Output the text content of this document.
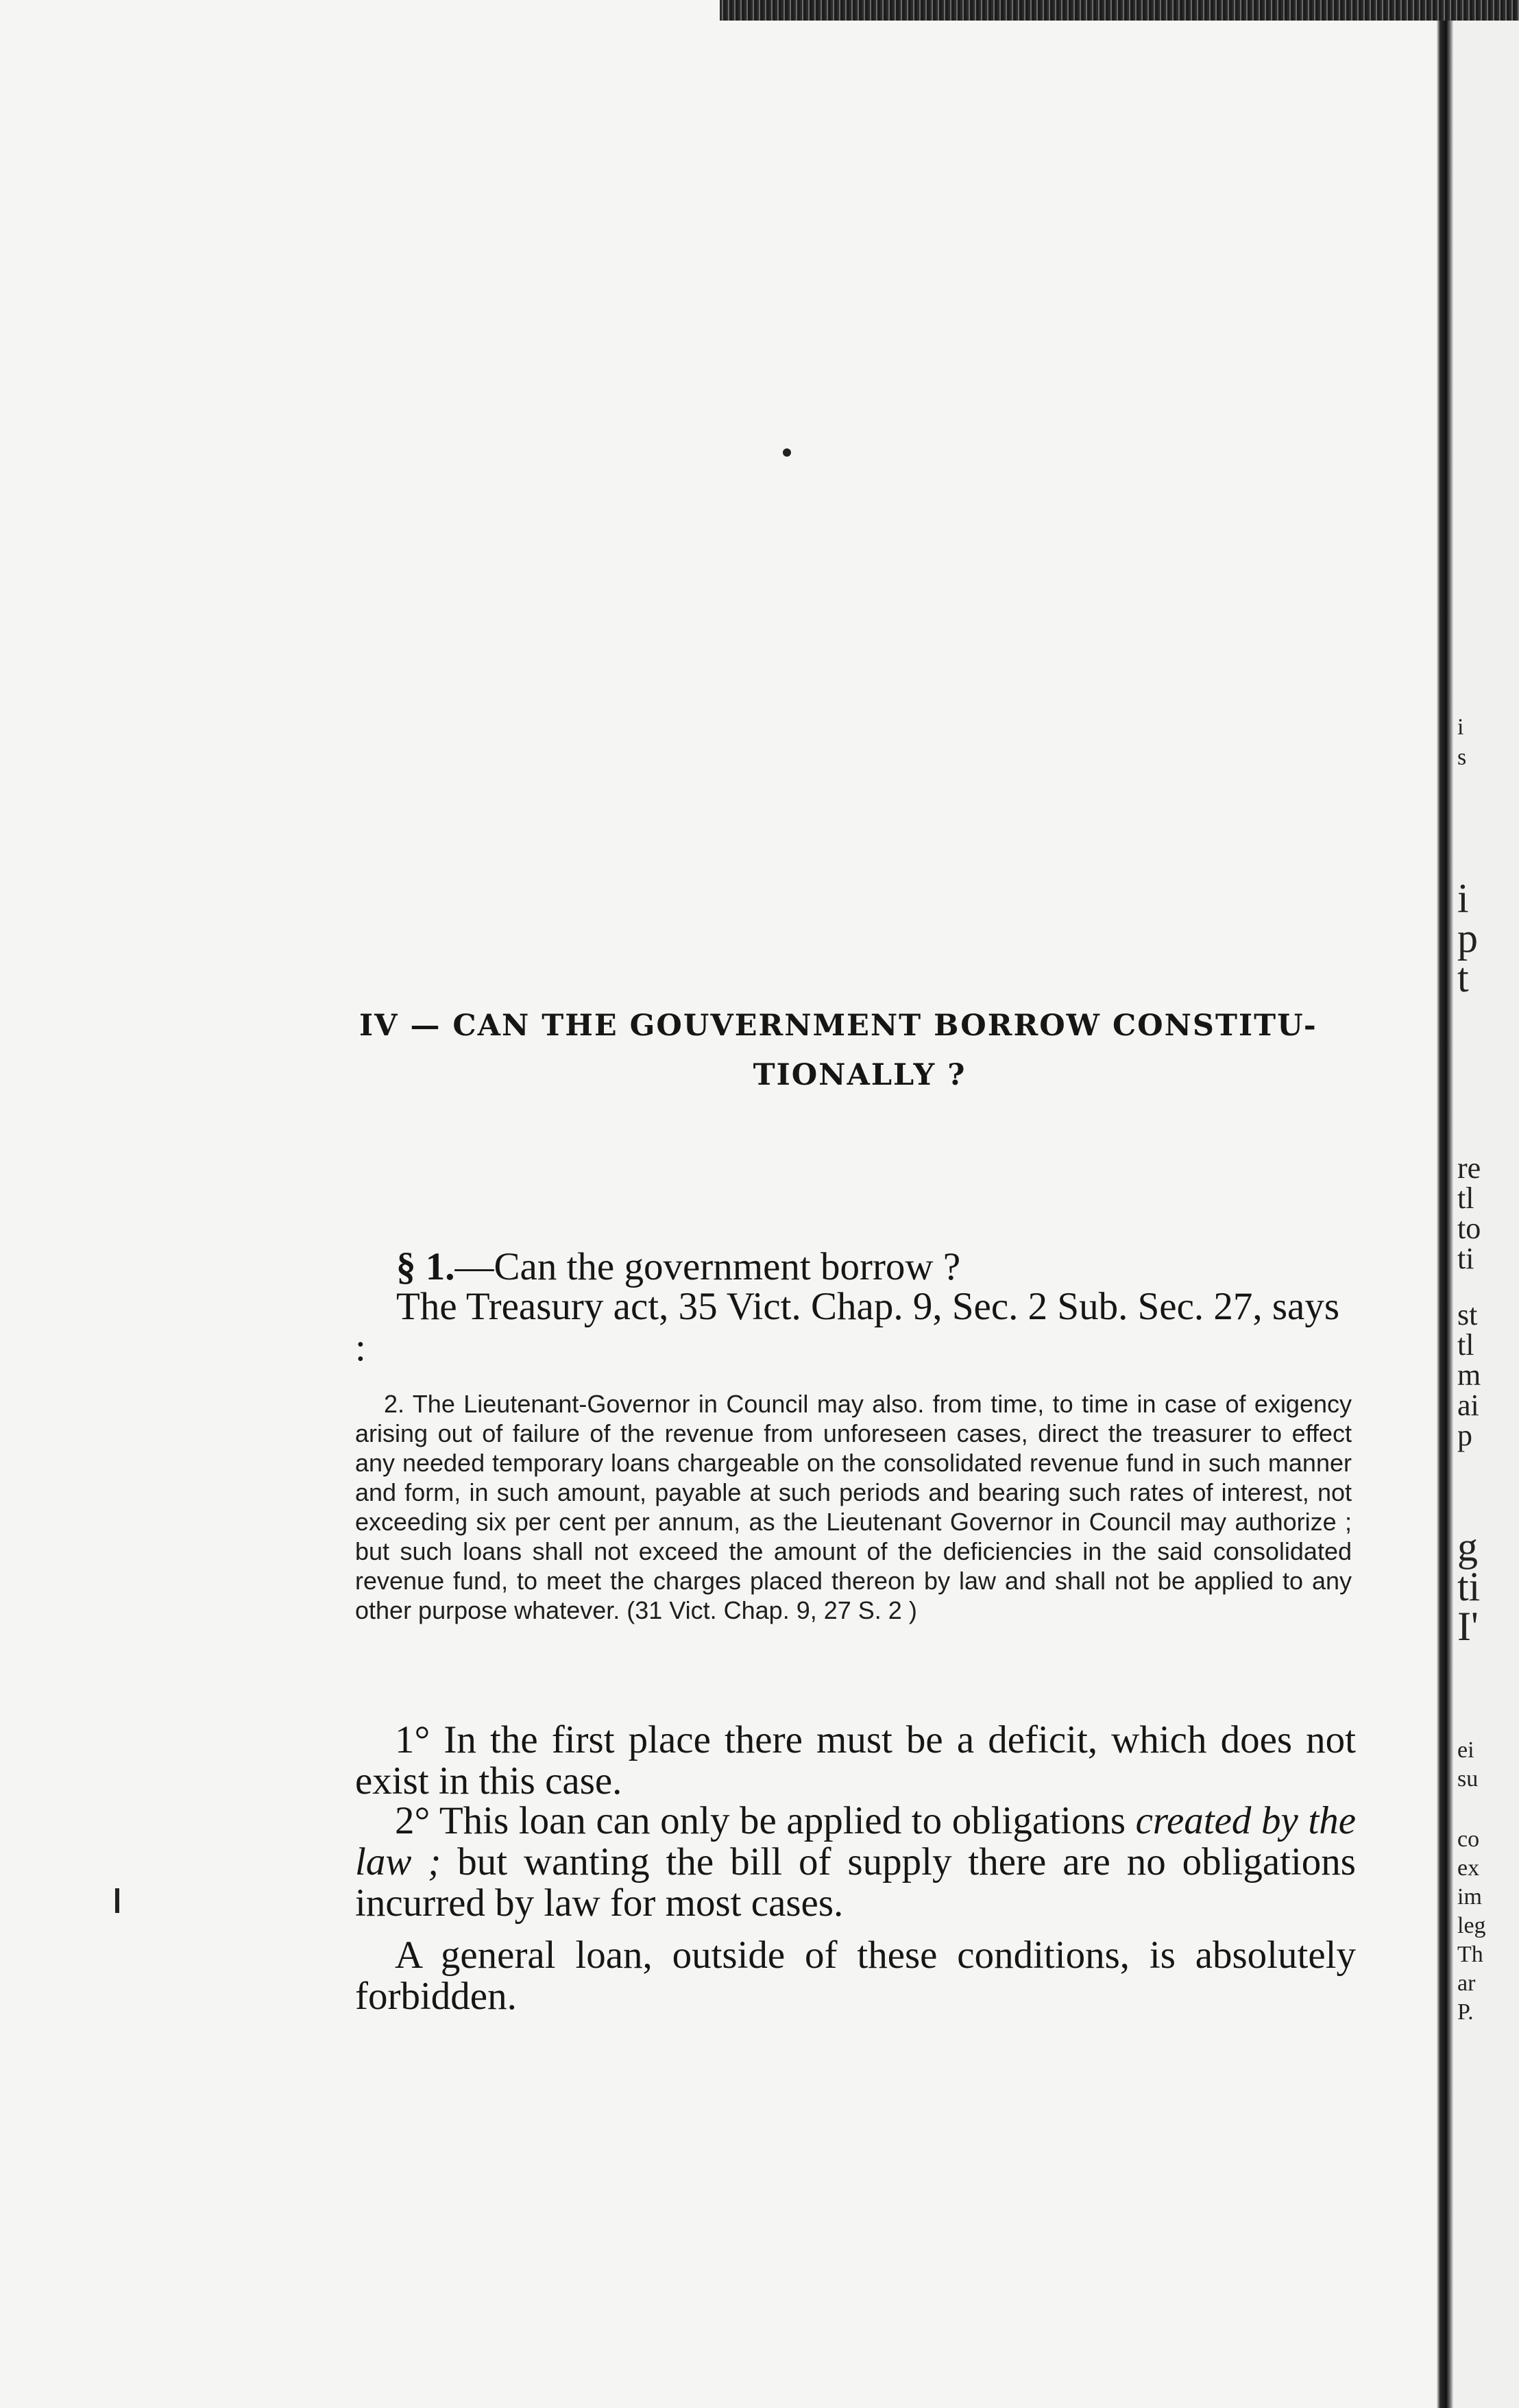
i
s
i
p
t
re
tl
to
ti
st
tl
m
ai
p
g
ti
I'
ei
su
co
ex
im
leg
Th
ar
P.
IV — CAN THE GOUVERNMENT BORROW CONSTITU-
TIONALLY ?
§ 1.—Can the government borrow ?
The Treasury act, 35 Vict. Chap. 9, Sec. 2 Sub. Sec. 27, says :
2. The Lieutenant-Governor in Council may also. from time, to time in case of exigency arising out of failure of the revenue from unforeseen cases, direct the treasurer to effect any needed temporary loans chargeable on the consolidated revenue fund in such manner and form, in such amount, payable at such periods and bearing such rates of interest, not exceeding six per cent per annum, as the Lieutenant Governor in Council may authorize ; but such loans shall not exceed the amount of the deficiencies in the said consolidated revenue fund, to meet the charges placed thereon by law and shall not be applied to any other purpose whatever. (31 Vict. Chap. 9, 27 S. 2 )
1° In the first place there must be a deficit, which does not exist in this case.
2° This loan can only be applied to obligations created by the law ; but wanting the bill of supply there are no obligations incurred by law for most cases.
A general loan, outside of these conditions, is absolutely forbidden.
